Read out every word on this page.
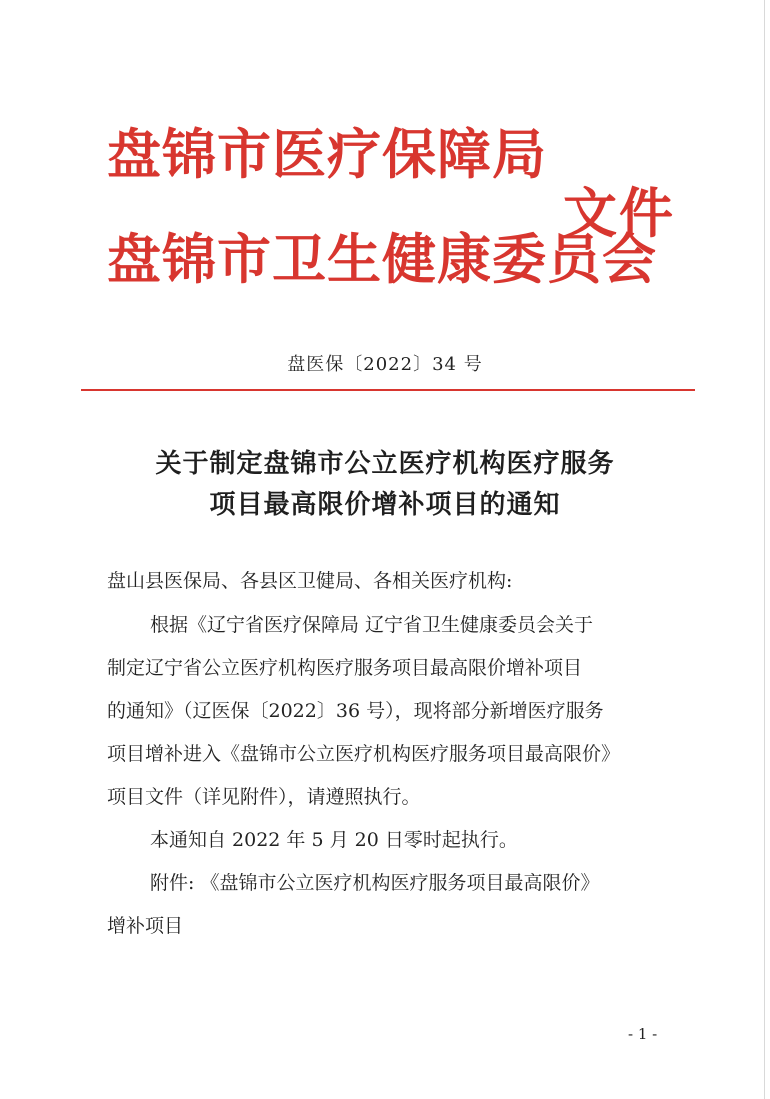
盘锦市医疗保障局
盘锦市卫生健康委员会
文件
盘医保〔2022〕34 号
关于制定盘锦市公立医疗机构医疗服务
项目最高限价增补项目的通知
盘山县医保局、各县区卫健局、各相关医疗机构:
根据《辽宁省医疗保障局 辽宁省卫生健康委员会关于
制定辽宁省公立医疗机构医疗服务项目最高限价增补项目
的通知》（辽医保〔2022〕36 号），现将部分新增医疗服务
项目增补进入《盘锦市公立医疗机构医疗服务项目最高限价》
项目文件（详见附件），请遵照执行。
本通知自 2022 年 5 月 20 日零时起执行。
附件: 《盘锦市公立医疗机构医疗服务项目最高限价》
增补项目
- 1 -
